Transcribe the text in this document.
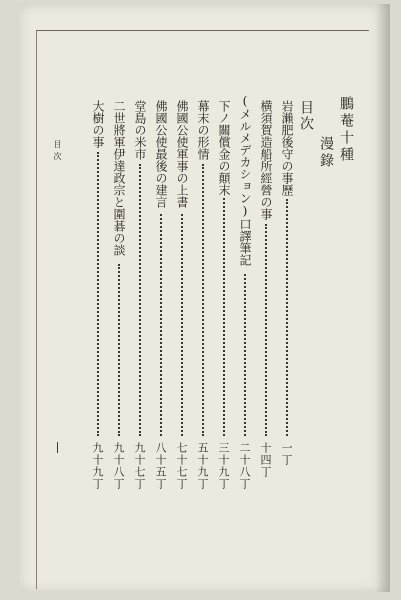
鵬菴十種
漫錄
目次
岩瀨肥後守の事歷
一丁
横須賀造船所經營の事
十四丁
(メルメデカション)口譯筆記
二十八丁
下ノ關償金の顛末
三十九丁
幕末の形情
五十九丁
佛國公使軍事の上書
七十七丁
佛國公使最後の建言
八十五丁
堂島の米市
九十七丁
二世將軍伊達政宗と圍碁の談
九十八丁
大樹の事
九十九丁
目次
